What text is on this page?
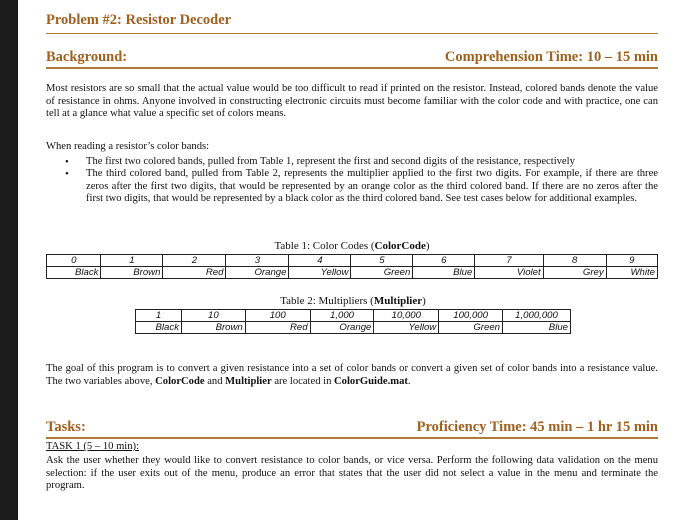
Problem #2: Resistor Decoder
Background:	Comprehension Time: 10 – 15 min

Most resistors are so small that the actual value would be too difficult to read if printed on the resistor. Instead, colored bands denote the value of resistance in ohms. Anyone involved in constructing electronic circuits must become familiar with the color code and with practice, one can tell at a glance what value a specific set of colors means.

When reading a resistor’s color bands:
• The first two colored bands, pulled from Table 1, represent the first and second digits of the resistance, respectively
• The third colored band, pulled from Table 2, represents the multiplier applied to the first two digits. For example, if there are three zeros after the first two digits, that would be represented by an orange color as the third colored band. If there are no zeros after the first two digits, that would be represented by a black color as the third colored band. See test cases below for additional examples.
Table 1: Color Codes (ColorCode)
0	1	2	3	4	5	6	7	8	9
Black	Brown	Red	Orange	Yellow	Green	Blue	Violet	Grey	White
Table 2: Multipliers (Multiplier)
1	10	100	1,000	10,000	100,000	1,000,000
Black	Brown	Red	Orange	Yellow	Green	Blue

The goal of this program is to convert a given resistance into a set of color bands or convert a given set of color bands into a resistance value. The two variables above, ColorCode and Multiplier are located in ColorGuide.mat.

Tasks:	Proficiency Time: 45 min – 1 hr 15 min
TASK 1 (5 – 10 min):

Ask the user whether they would like to convert resistance to color bands, or vice versa. Perform the following data validation on the menu selection: if the user exits out of the menu, produce an error that states that the user did not select a value in the menu and terminate the program.
